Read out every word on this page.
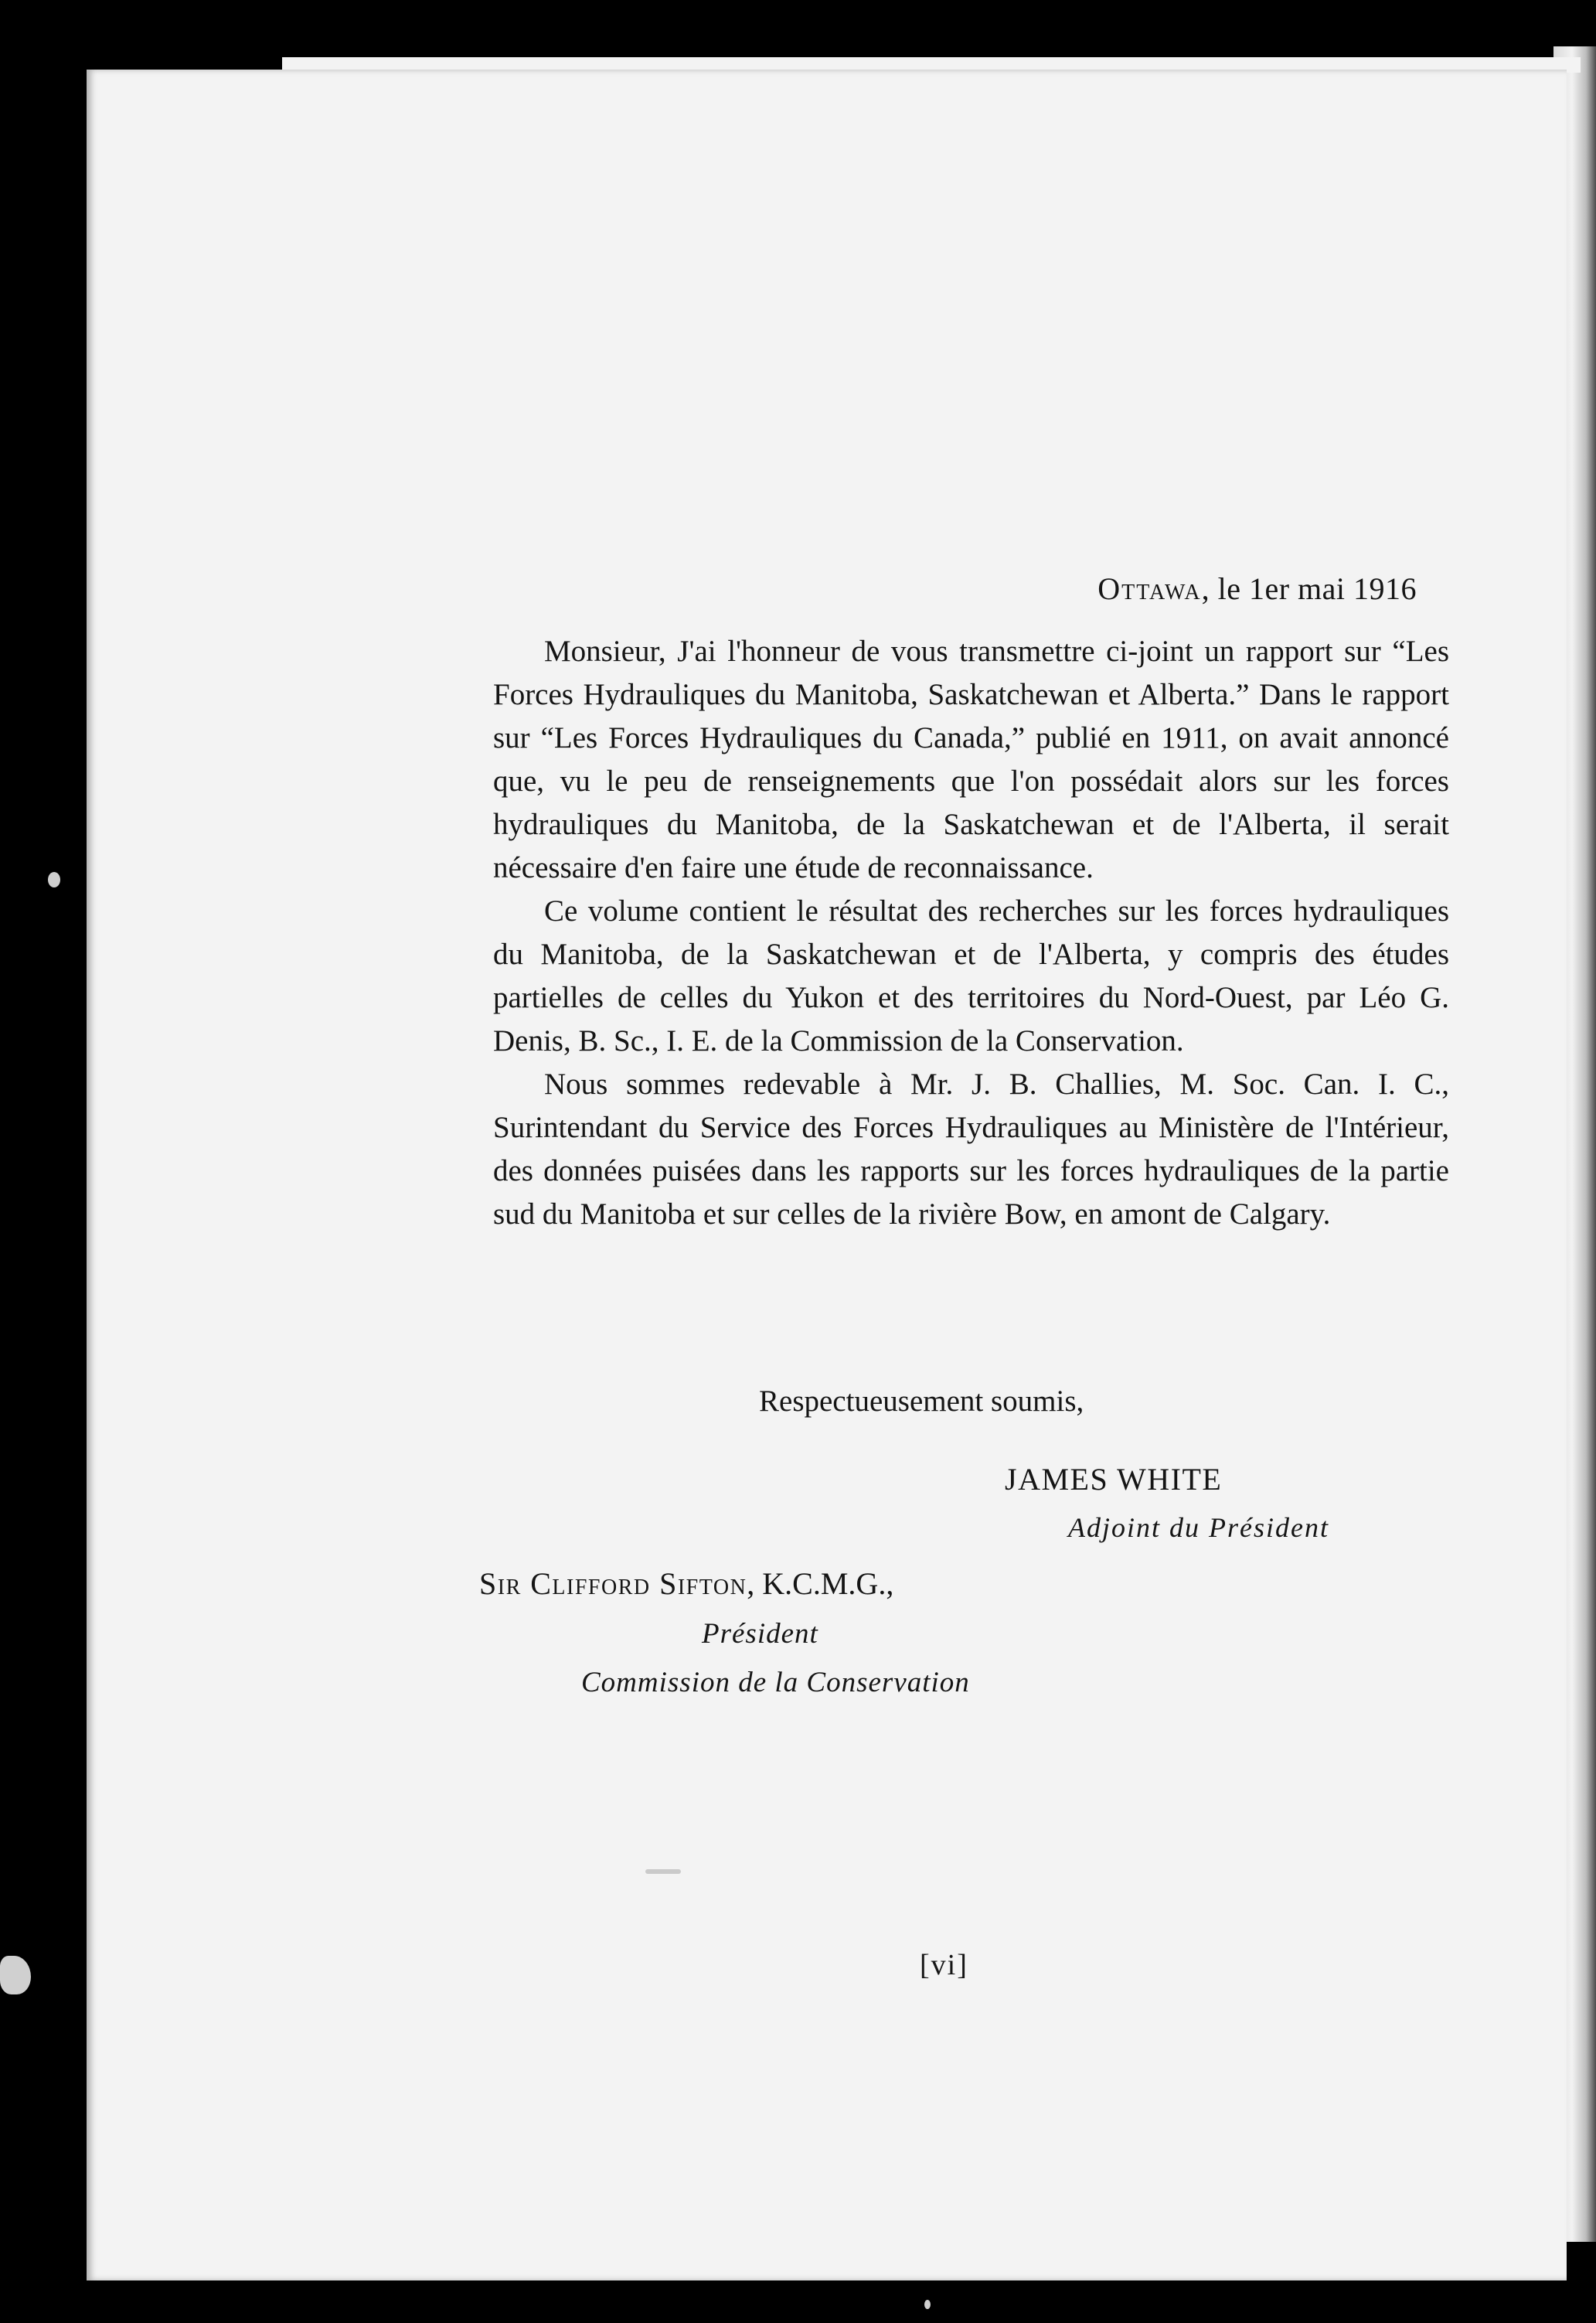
Ottawa, le 1er mai 1916

Monsieur, J'ai l'honneur de vous transmettre ci-joint un rapport sur “Les Forces Hydrauliques du Manitoba, Saskatchewan et Alberta.” Dans le rapport sur “Les Forces Hydrauliques du Canada,” publié en 1911, on avait annoncé que, vu le peu de renseignements que l'on possédait alors sur les forces hydrauliques du Manitoba, de la Saskatchewan et de l'Alberta, il serait nécessaire d'en faire une étude de reconnaissance.

Ce volume contient le résultat des recherches sur les forces hydrauliques du Manitoba, de la Saskatchewan et de l'Alberta, y compris des études partielles de celles du Yukon et des territoires du Nord-Ouest, par Léo G. Denis, B. Sc., I. E. de la Commission de la Conservation.

Nous sommes redevable à Mr. J. B. Challies, M. Soc. Can. I. C., Surintendant du Service des Forces Hydrauliques au Ministère de l'Intérieur, des données puisées dans les rapports sur les forces hydrauliques de la partie sud du Manitoba et sur celles de la rivière Bow, en amont de Calgary.

Respectueusement soumis,
JAMES WHITE
Adjoint du Président
Sir Clifford Sifton, K.C.M.G.,
Président
Commission de la Conservation
[vi]
